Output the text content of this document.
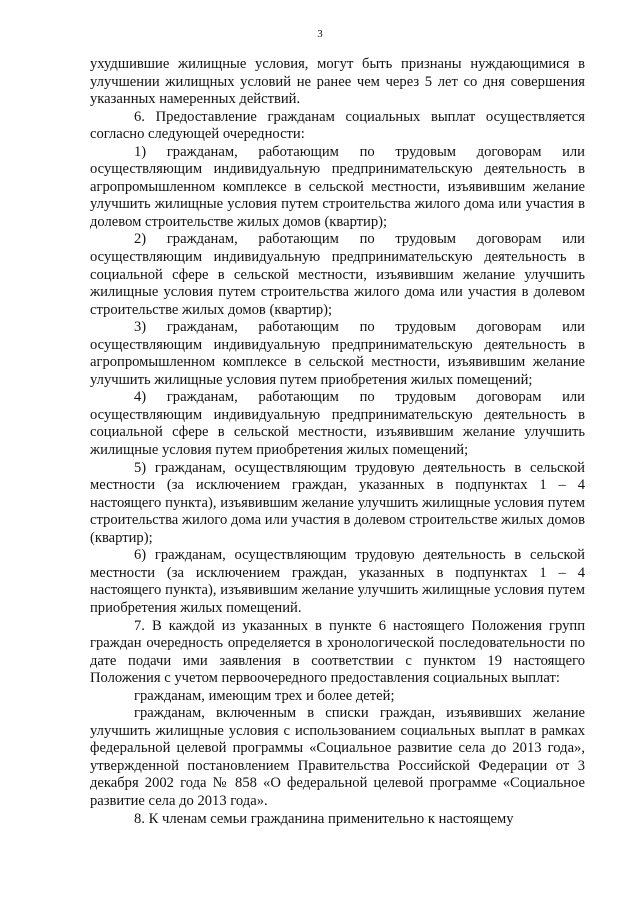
3

ухудшившие жилищные условия, могут быть признаны нуждающимися в улучшении жилищных условий не ранее чем через 5 лет со дня совершения указанных намеренных действий.

6. Предоставление гражданам социальных выплат осуществляется согласно следующей очередности:

1) гражданам, работающим по трудовым договорам или осуществляющим индивидуальную предпринимательскую деятельность в агропромышленном комплексе в сельской местности, изъявившим желание улучшить жилищные условия путем строительства жилого дома или участия в долевом строительстве жилых домов (квартир);

2) гражданам, работающим по трудовым договорам или осуществляющим индивидуальную предпринимательскую деятельность в социальной сфере в сельской местности, изъявившим желание улучшить жилищные условия путем строительства жилого дома или участия в долевом строительстве жилых домов (квартир);

3) гражданам, работающим по трудовым договорам или осуществляющим индивидуальную предпринимательскую деятельность в агропромышленном комплексе в сельской местности, изъявившим желание улучшить жилищные условия путем приобретения жилых помещений;

4) гражданам, работающим по трудовым договорам или осуществляющим индивидуальную предпринимательскую деятельность в социальной сфере в сельской местности, изъявившим желание улучшить жилищные условия путем приобретения жилых помещений;

5) гражданам, осуществляющим трудовую деятельность в сельской местности (за исключением граждан, указанных в подпунктах 1 – 4 настоящего пункта), изъявившим желание улучшить жилищные условия путем строительства жилого дома или участия в долевом строительстве жилых домов (квартир);

6) гражданам, осуществляющим трудовую деятельность в сельской местности (за исключением граждан, указанных в подпунктах 1 – 4 настоящего пункта), изъявившим желание улучшить жилищные условия путем приобретения жилых помещений.

7. В каждой из указанных в пункте 6 настоящего Положения групп граждан очередность определяется в хронологической последовательности по дате подачи ими заявления в соответствии с пунктом 19 настоящего Положения с учетом первоочередного предоставления социальных выплат:

гражданам, имеющим трех и более детей;

гражданам, включенным в списки граждан, изъявивших желание улучшить жилищные условия с использованием социальных выплат в рамках федеральной целевой программы «Социальное развитие села до 2013 года», утвержденной постановлением Правительства Российской Федерации от 3 декабря 2002 года № 858 «О федеральной целевой программе «Социальное развитие села до 2013 года».

8. К членам семьи гражданина применительно к настоящему
